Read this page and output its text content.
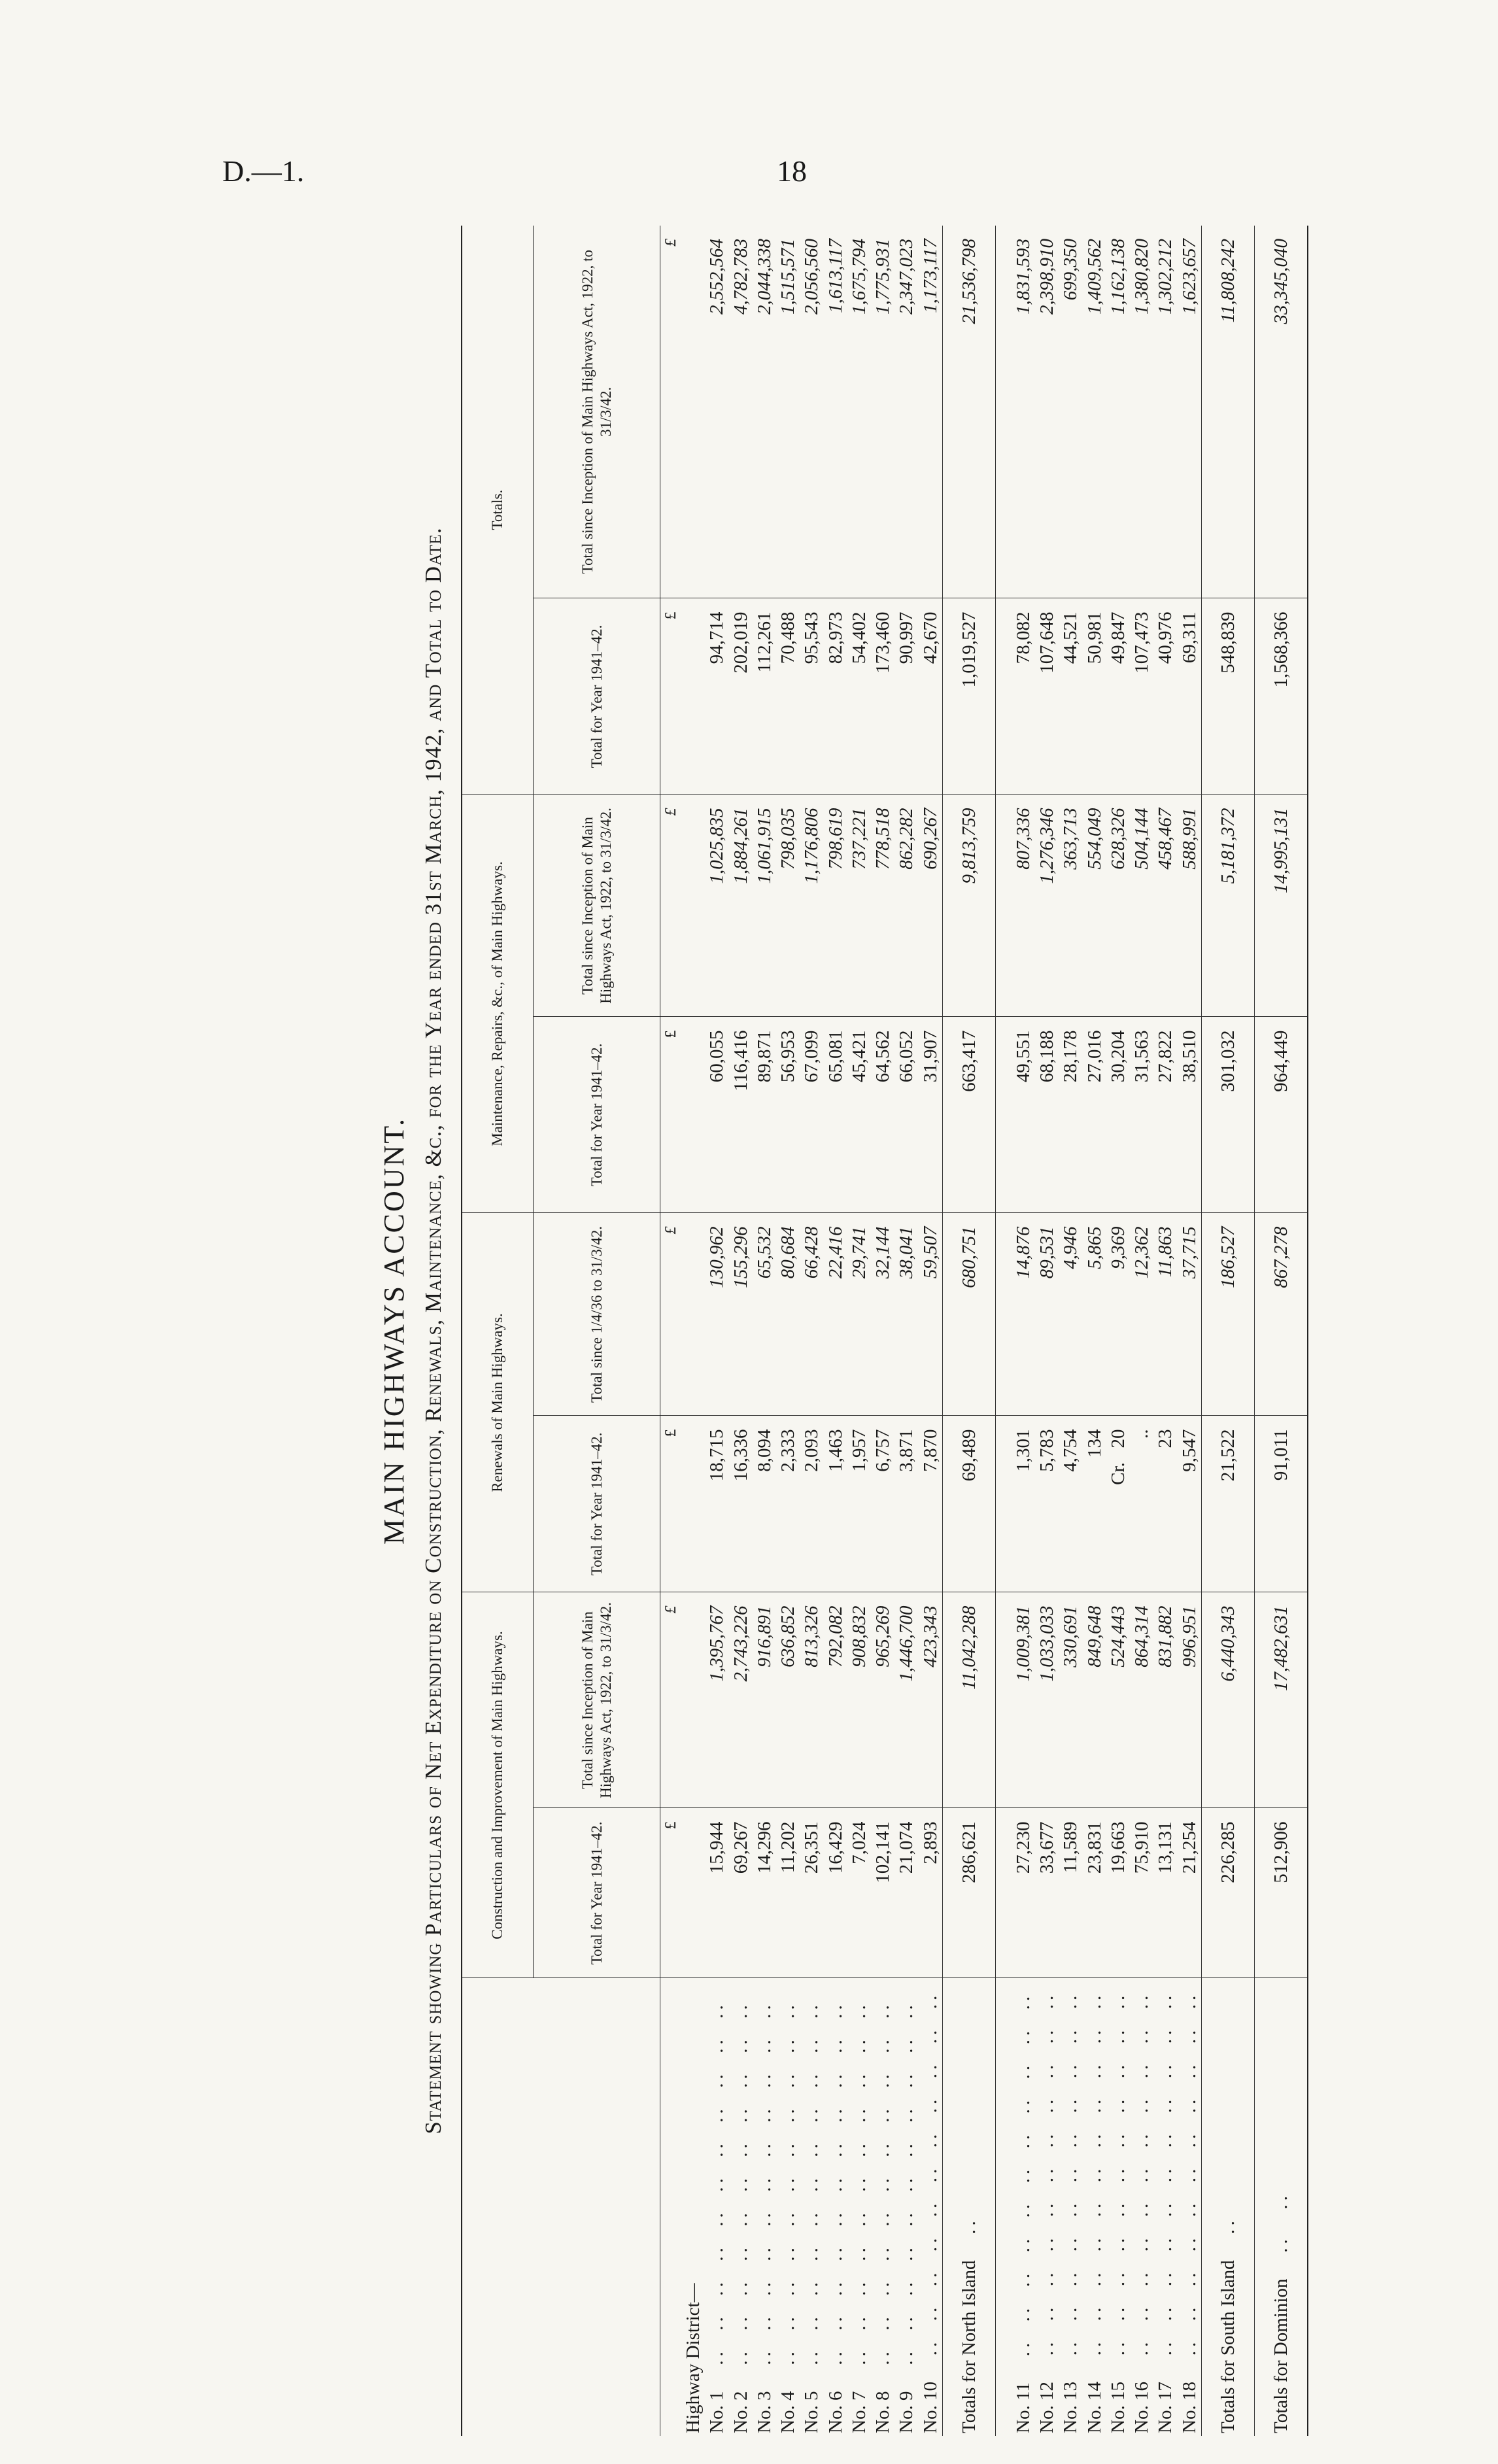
D.—1.	18
MAIN HIGHWAYS ACCOUNT. Statement showing Particulars of Net Expenditure on Construction, Renewals, Maintenance, &c., for the Year ended 31st March, 1942, and Total to Date.
		Construction and Improvement of Main Highways.		Renewals of Main Highways.		Maintenance, Repairs, &c., of Main Highways.		Totals.	
	Total for Year 1941–42.	Total since Inception of Main Highways Act, 1922, to 31/3/42.	Total for Year 1941–42.	Total since 1/4/36 to 31/3/42.	Total for Year 1941–42.	Total since Inception of Main Highways Act, 1922, to 31/3/42.	Total for Year 1941–42.	Total since Inception of Main Highways Act, 1922, to 31/3/42.
	£	£	£	£	£	£	£	£
Highway District—								
No. 1   ..  ..  ..  ..  ..  ..  ..  ..  ..  ..  ..	15,944	1,395,767	18,715	130,962	60,055	1,025,835	94,714	2,552,564
No. 2   ..  ..  ..  ..  ..  ..  ..  ..  ..  ..  ..	69,267	2,743,226	16,336	155,296	116,416	1,884,261	202,019	4,782,783
No. 3   ..  ..  ..  ..  ..  ..  ..  ..  ..  ..  ..	14,296	916,891	8,094	65,532	89,871	1,061,915	112,261	2,044,338
No. 4   ..  ..  ..  ..  ..  ..  ..  ..  ..  ..  ..	11,202	636,852	2,333	80,684	56,953	798,035	70,488	1,515,571
No. 5   ..  ..  ..  ..  ..  ..  ..  ..  ..  ..  ..	26,351	813,326	2,093	66,428	67,099	1,176,806	95,543	2,056,560
No. 6   ..  ..  ..  ..  ..  ..  ..  ..  ..  ..  ..	16,429	792,082	1,463	22,416	65,081	798,619	82,973	1,613,117
No. 7   ..  ..  ..  ..  ..  ..  ..  ..  ..  ..  ..	7,024	908,832	1,957	29,741	45,421	737,221	54,402	1,675,794
No. 8   ..  ..  ..  ..  ..  ..  ..  ..  ..  ..  ..	102,141	965,269	6,757	32,144	64,562	778,518	173,460	1,775,931
No. 9   ..  ..  ..  ..  ..  ..  ..  ..  ..  ..  ..	21,074	1,446,700	3,871	38,041	66,052	862,282	90,997	2,347,023
No. 10   ..  ..  ..  ..  ..  ..  ..  ..  ..  ..  ..	2,893	423,343	7,870	59,507	31,907	690,267	42,670	1,173,117
Totals for North Island   ..	286,621	11,042,288	69,489	680,751	663,417	9,813,759	1,019,527	21,536,798

No. 11   ..  ..  ..  ..  ..  ..  ..  ..  ..  ..  ..	27,230	1,009,381	1,301	14,876	49,551	807,336	78,082	1,831,593
No. 12   ..  ..  ..  ..  ..  ..  ..  ..  ..  ..  ..	33,677	1,033,033	5,783	89,531	68,188	1,276,346	107,648	2,398,910
No. 13   ..  ..  ..  ..  ..  ..  ..  ..  ..  ..  ..	11,589	330,691	4,754	4,946	28,178	363,713	44,521	699,350
No. 14   ..  ..  ..  ..  ..  ..  ..  ..  ..  ..  ..	23,831	849,648	134	5,865	27,016	554,049	50,981	1,409,562
No. 15   ..  ..  ..  ..  ..  ..  ..  ..  ..  ..  ..	19,663	524,443	Cr.   20	9,369	30,204	628,326	49,847	1,162,138
No. 16   ..  ..  ..  ..  ..  ..  ..  ..  ..  ..  ..	75,910	864,314	..	12,362	31,563	504,144	107,473	1,380,820
No. 17   ..  ..  ..  ..  ..  ..  ..  ..  ..  ..  ..	13,131	831,882	23	11,863	27,822	458,467	40,976	1,302,212
No. 18   ..  ..  ..  ..  ..  ..  ..  ..  ..  ..  ..	21,254	996,951	9,547	37,715	38,510	588,991	69,311	1,623,657
Totals for South Island   ..	226,285	6,440,343	21,522	186,527	301,032	5,181,372	548,839	11,808,242
Totals for Dominion   ..   ..	512,906	17,482,631	91,011	867,278	964,449	14,995,131	1,568,366	33,345,040
